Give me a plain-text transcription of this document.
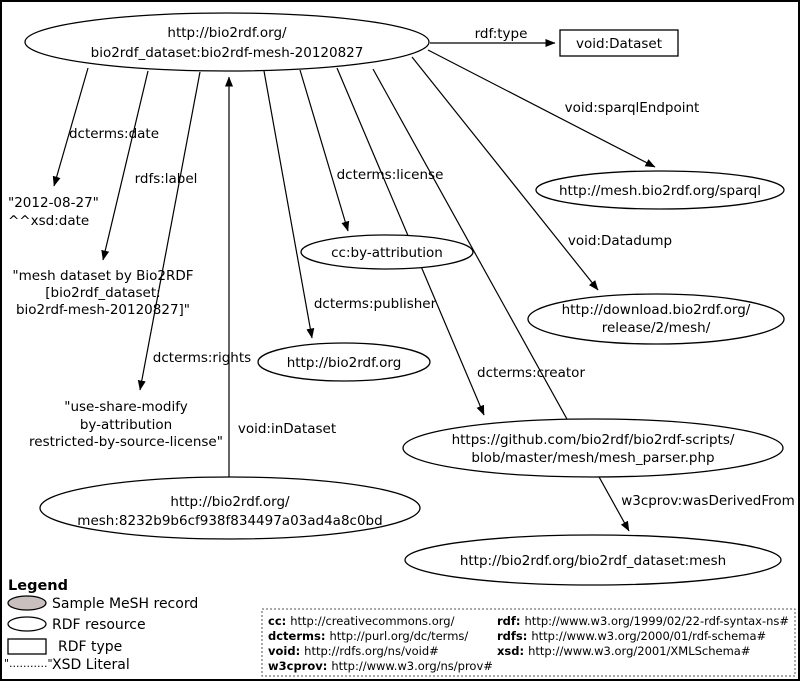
http://bio2rdf.org/
bio2rdf_dataset:bio2rdf-mesh-20120827
void:Dataset
http://mesh.bio2rdf.org/sparql
cc:by-attribution
http://bio2rdf.org
http://download.bio2rdf.org/
release/2/mesh/
https://github.com/bio2rdf/bio2rdf-scripts/
blob/master/mesh/mesh_parser.php
http://bio2rdf.org/bio2rdf_dataset:mesh
http://bio2rdf.org/
mesh:8232b9b6cf938f834497a03ad4a8c0bd
"2012-08-27"
^^xsd:date
"mesh dataset by Bio2RDF
[bio2rdf_dataset:
bio2rdf-mesh-20120827]"
"use-share-modify
by-attribution
restricted-by-source-license"
rdf:type
void:sparqlEndpoint
dcterms:date
rdfs:label	dcterms:license
void:Datadump
dcterms:publisher
dcterms:rights
dcterms:creator
void:inDataset
w3cprov:wasDerivedFrom
Legend
Sample MeSH record
RDF resource
RDF type
"..........." XSD Literal
cc: http://creativecommons.org/
dcterms: http://purl.org/dc/terms/
void: http://rdfs.org/ns/void#
w3cprov: http://www.w3.org/ns/prov#
rdf: http://www.w3.org/1999/02/22-rdf-syntax-ns#
rdfs: http://www.w3.org/2000/01/rdf-schema#
xsd: http://www.w3.org/2001/XMLSchema#
